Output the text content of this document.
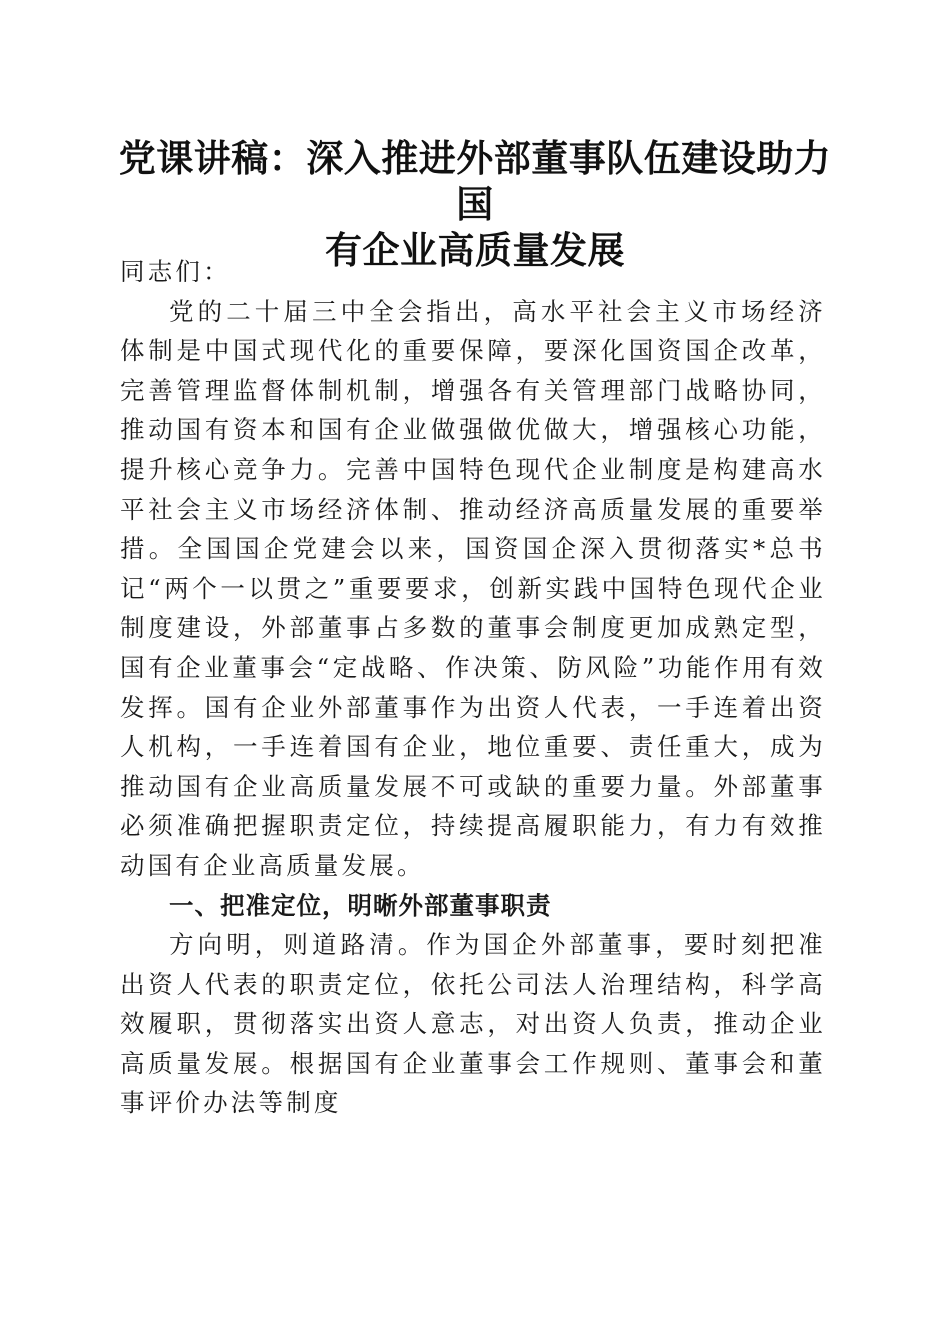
党课讲稿：深入推进外部董事队伍建设助力国
有企业高质量发展

同志们：

党的二十届三中全会指出，高水平社会主义市场经济体制是中国式现代化的重要保障，要深化国资国企改革，完善管理监督体制机制，增强各有关管理部门战略协同，推动国有资本和国有企业做强做优做大，增强核心功能，提升核心竞争力。完善中国特色现代企业制度是构建高水平社会主义市场经济体制、推动经济高质量发展的重要举措。全国国企党建会以来，国资国企深入贯彻落实*总书记“两个一以贯之”重要要求，创新实践中国特色现代企业制度建设，外部董事占多数的董事会制度更加成熟定型，国有企业董事会“定战略、作决策、防风险”功能作用有效发挥。国有企业外部董事作为出资人代表，一手连着出资人机构，一手连着国有企业，地位重要、责任重大，成为推动国有企业高质量发展不可或缺的重要力量。外部董事必须准确把握职责定位，持续提高履职能力，有力有效推动国有企业高质量发展。

一、把准定位，明晰外部董事职责

方向明，则道路清。作为国企外部董事，要时刻把准出资人代表的职责定位，依托公司法人治理结构，科学高效履职，贯彻落实出资人意志，对出资人负责，推动企业高质量发展。根据国有企业董事会工作规则、董事会和董事评价办法等制度
